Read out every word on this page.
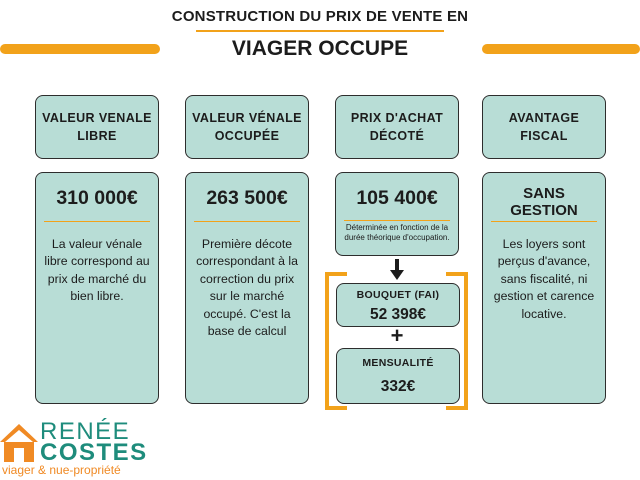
CONSTRUCTION DU PRIX DE VENTE EN
VIAGER OCCUPE
VALEUR VENALE LIBRE
VALEUR VÉNALE OCCUPÉE
PRIX D'ACHAT DÉCOTÉ
AVANTAGE FISCAL
310 000€
La valeur vénale libre correspond au prix de marché du bien libre.
263 500€
Première décote correspondant à la correction du prix sur le marché occupé. C'est la base de calcul
105 400€
Déterminée en fonction de la durée théorique d'occupation.
BOUQUET (FAI)
52 398€
+
MENSUALITÉ
332€
SANS GESTION
Les loyers sont perçus d'avance, sans fiscalité, ni gestion et carence locative.
RENÉE
COSTES
viager & nue-propriété
